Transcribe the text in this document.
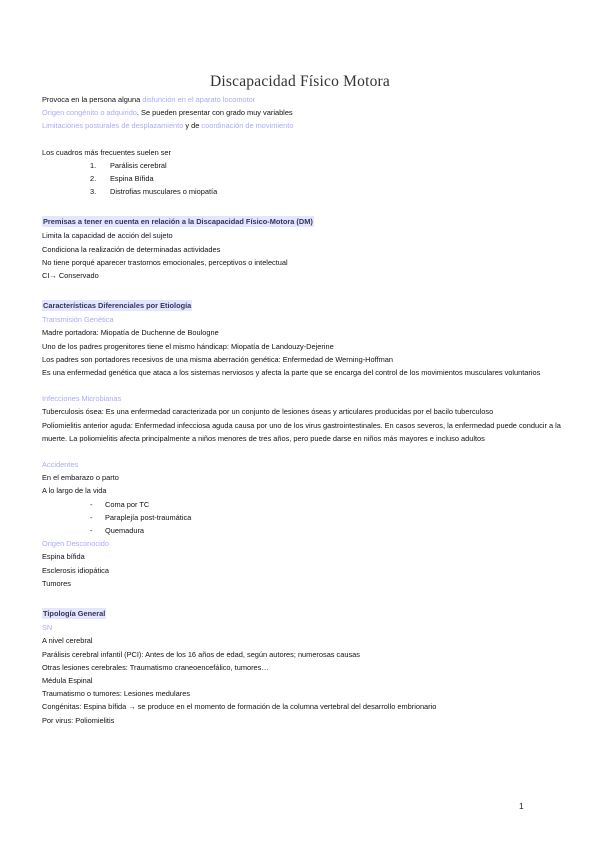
Discapacidad Físico Motora
Provoca en la persona alguna disfunción en el aparato locomotor
Origen congénito o adquirido. Se pueden presentar con grado muy variables
Limitaciones posturales de desplazamiento y de coordinación de movimiento
Los cuadros más frecuentes suelen ser
1.	Parálisis cerebral
2.	Espina Bífida
3.	Distrofias musculares o miopatía
Premisas a tener en cuenta en relación a la Discapacidad Físico-Motora (DM)
Limita la capacidad de acción del sujeto
Condiciona la realización de determinadas actividades
No tiene porqué aparecer trastornos emocionales, perceptivos o intelectual
CI→ Conservado
Características Diferenciales por Etiología
Transmisión Genética
Madre portadora: Miopatía de Duchenne de Boulogne
Uno de los padres progenitores tiene el mismo hándicap: Miopatía de Landouzy-Dejerine
Los padres son portadores recesivos de una misma aberración genética: Enfermedad de Werning-Hoffman
Es una enfermedad genética que ataca a los sistemas nerviosos y afecta la parte que se encarga del control de los movimientos musculares voluntarios
Infecciones Microbianas
Tuberculosis ósea: Es una enfermedad caracterizada por un conjunto de lesiones óseas y articulares producidas por el bacilo tuberculoso
Poliomielitis anterior aguda: Enfermedad infecciosa aguda causa por uno de los virus gastrointestinales. En casos severos, la enfermedad puede conducir a la muerte. La poliomielitis afecta principalmente a niños menores de tres años, pero puede darse en niños más mayores e incluso adultos
Accidentes
En el embarazo o parto
A lo largo de la vida
- Coma por TC
- Paraplejía post-traumática
- Quemadura
Origen Desconocido
Espina bífida
Esclerosis idiopática
Tumores
Tipología General
SN
A nivel cerebral
Parálisis cerebral infantil (PCI): Antes de los 16 años de edad, según autores; numerosas causas
Otras lesiones cerebrales: Traumatismo craneoencefálico, tumores…
Médula Espinal
Traumatismo o tumores: Lesiones medulares
Congénitas: Espina bífida → se produce en el momento de formación de la columna vertebral del desarrollo embrionario
Por virus: Poliomielitis
1
